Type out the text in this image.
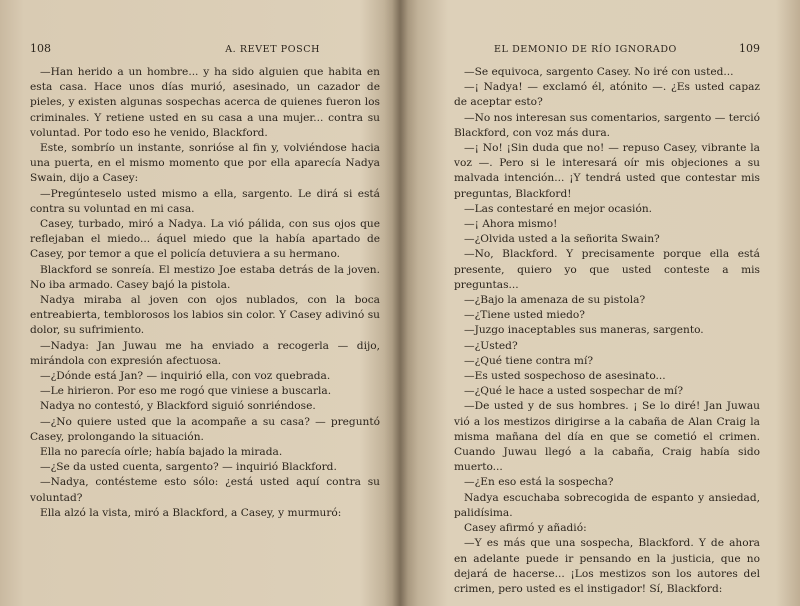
108	A. REVET POSCH

—Han herido a un hombre... y ha sido alguien que habita en esta casa. Hace unos días murió, asesinado, un cazador de pieles, y existen algunas sospechas acerca de quienes fueron los criminales. Y retiene usted en su casa a una mujer... contra su voluntad. Por todo eso he venido, Blackford.

Este, sombrío un instante, sonrióse al fin y, volviéndose hacia una puerta, en el mismo momento que por ella aparecía Nadya Swain, dijo a Casey:

—Pregúnteselo usted mismo a ella, sargento. Le dirá si está contra su voluntad en mi casa.

Casey, turbado, miró a Nadya. La vió pálida, con sus ojos que reflejaban el miedo... áquel miedo que la había apartado de Casey, por temor a que el policía detuviera a su hermano.

Blackford se sonreía. El mestizo Joe estaba detrás de la joven. No iba armado. Casey bajó la pistola.

Nadya miraba al joven con ojos nublados, con la boca entreabierta, temblorosos los labios sin color. Y Casey adivinó su dolor, su sufrimiento.

—Nadya: Jan Juwau me ha enviado a recogerla — dijo, mirándola con expresión afectuosa.

—¿Dónde está Jan? — inquirió ella, con voz quebrada.

—Le hirieron. Por eso me rogó que viniese a buscarla.

Nadya no contestó, y Blackford siguió sonriéndose.

—¿No quiere usted que la acompañe a su casa? — preguntó Casey, prolongando la situación.

Ella no parecía oírle; había bajado la mirada.

—¿Se da usted cuenta, sargento? — inquirió Blackford.

—Nadya, contésteme esto sólo: ¿está usted aquí contra su voluntad?

Ella alzó la vista, miró a Blackford, a Casey, y murmuró:

EL DEMONIO DE RÍO IGNORADO	109

—Se equivoca, sargento Casey. No iré con usted...

—¡ Nadya! — exclamó él, atónito —. ¿Es usted capaz de aceptar esto?

—No nos interesan sus comentarios, sargento — terció Blackford, con voz más dura.

—¡ No! ¡Sin duda que no! — repuso Casey, vibrante la voz —. Pero si le interesará oír mis objeciones a su malvada intención... ¡Y tendrá usted que contestar mis preguntas, Blackford!

—Las contestaré en mejor ocasión.

—¡ Ahora mismo!

—¿Olvida usted a la señorita Swain?

—No, Blackford. Y precisamente porque ella está presente, quiero yo que usted conteste a mis preguntas...

—¿Bajo la amenaza de su pistola?

—¿Tiene usted miedo?

—Juzgo inaceptables sus maneras, sargento.

—¿Usted?

—¿Qué tiene contra mí?

—Es usted sospechoso de asesinato...

—¿Qué le hace a usted sospechar de mí?

—De usted y de sus hombres. ¡ Se lo diré! Jan Juwau vió a los mestizos dirigirse a la cabaña de Alan Craig la misma mañana del día en que se cometió el crimen. Cuando Juwau llegó a la cabaña, Craig había sido muerto...

—¿En eso está la sospecha?

Nadya escuchaba sobrecogida de espanto y ansiedad, palidísima.

Casey afirmó y añadió:

—Y es más que una sospecha, Blackford. Y de ahora en adelante puede ir pensando en la justicia, que no dejará de hacerse... ¡Los mestizos son los autores del crimen, pero usted es el instigador! Sí, Blackford:
